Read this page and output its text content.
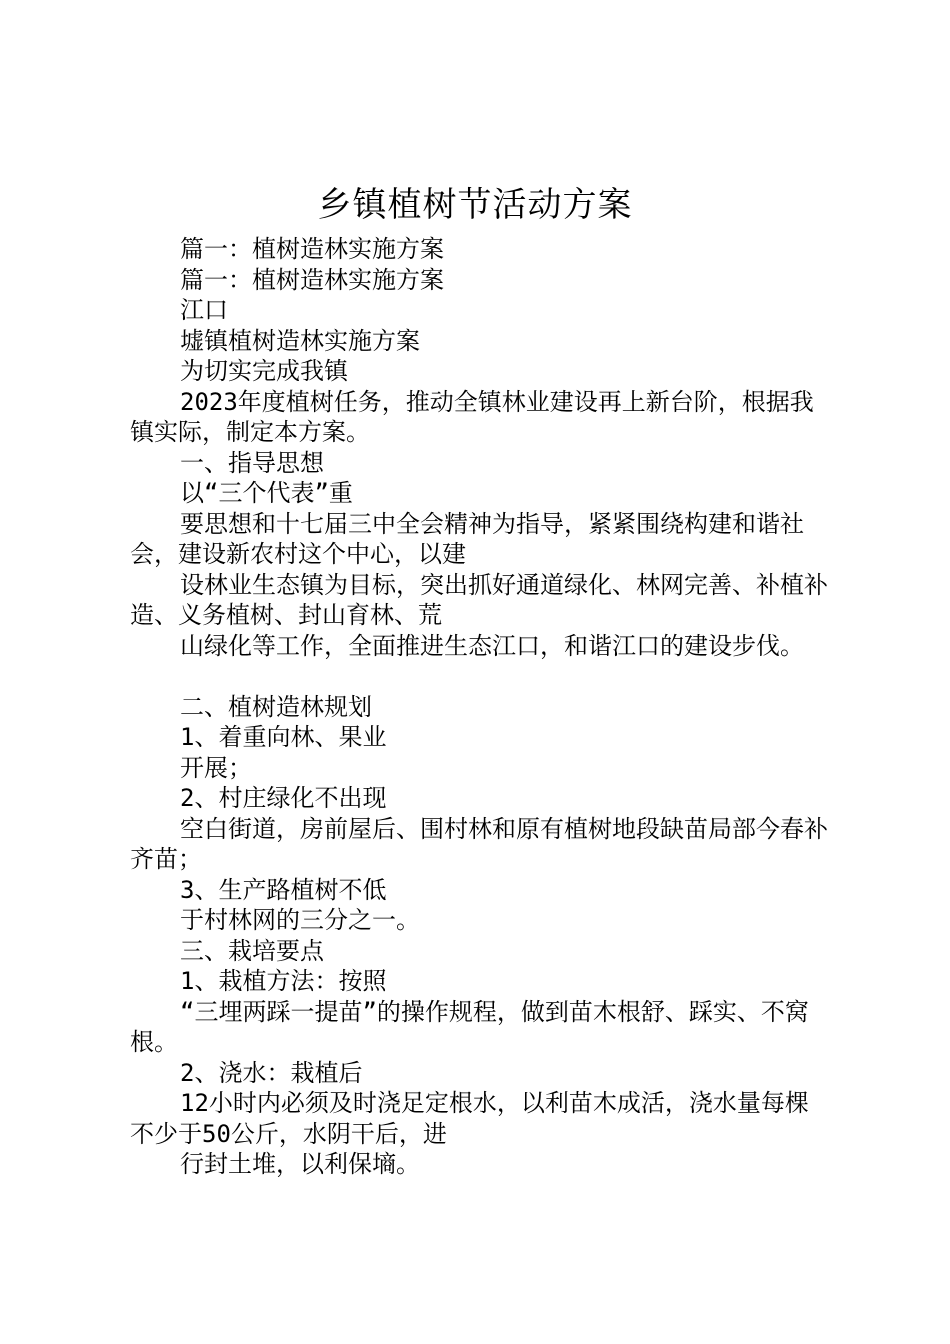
乡镇植树节活动方案

篇一：植树造林实施方案

篇一：植树造林实施方案

江口

墟镇植树造林实施方案

为切实完成我镇

2023年度植树任务，推动全镇林业建设再上新台阶，根据我镇实际，制定本方案。

一、指导思想

以“三个代表”重

要思想和十七届三中全会精神为指导，紧紧围绕构建和谐社会，建设新农村这个中心，以建

设林业生态镇为目标，突出抓好通道绿化、林网完善、补植补造、义务植树、封山育林、荒

山绿化等工作，全面推进生态江口，和谐江口的建设步伐。

二、植树造林规划

1、着重向林、果业

开展；

2、村庄绿化不出现

空白街道，房前屋后、围村林和原有植树地段缺苗局部今春补齐苗；

3、生产路植树不低

于村林网的三分之一。

三、栽培要点

1、栽植方法：按照

“三埋两踩一提苗”的操作规程，做到苗木根舒、踩实、不窝根。

2、浇水：栽植后

12小时内必须及时浇足定根水，以利苗木成活，浇水量每棵不少于50公斤，水阴干后，进

行封土堆，以利保墒。
